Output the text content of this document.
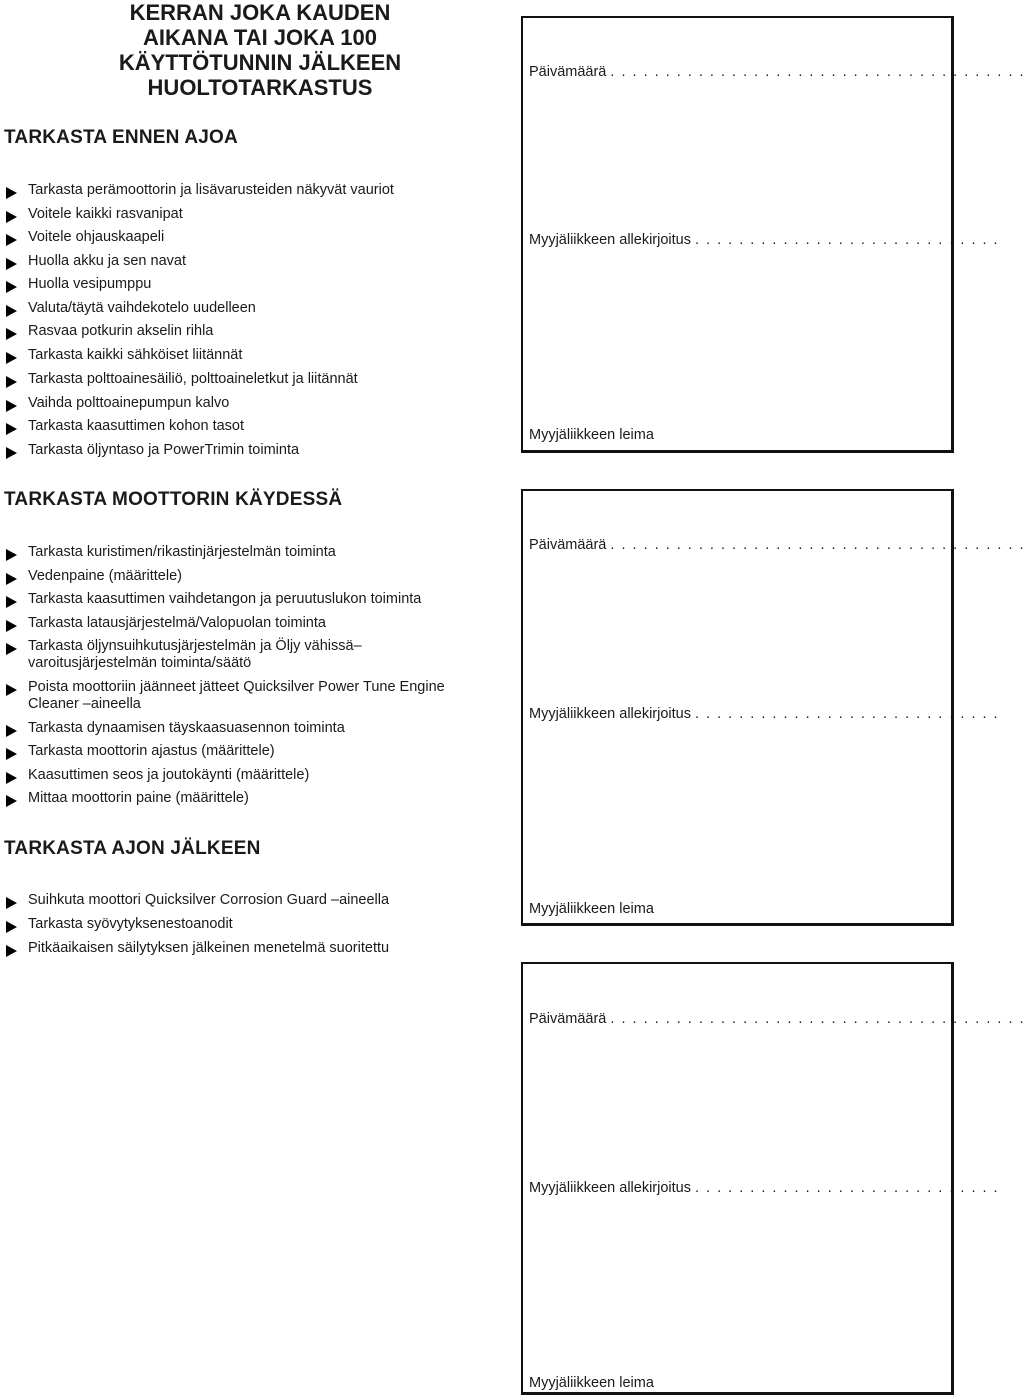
KERRAN JOKA KAUDEN
AIKANA TAI JOKA 100
KÄYTTÖTUNNIN JÄLKEEN
HUOLTOTARKASTUS
TARKASTA ENNEN AJOA
Tarkasta perämoottorin ja lisävarusteiden näkyvät vauriot
Voitele kaikki rasvanipat
Voitele ohjauskaapeli
Huolla akku ja sen navat
Huolla vesipumppu
Valuta/täytä vaihdekotelo uudelleen
Rasvaa potkurin akselin rihla
Tarkasta kaikki sähköiset liitännät
Tarkasta polttoainesäiliö, polttoaineletkut ja liitännät
Vaihda polttoainepumpun kalvo
Tarkasta kaasuttimen kohon tasot
Tarkasta öljyntaso ja PowerTrimin toiminta
TARKASTA MOOTTORIN KÄYDESSÄ
Tarkasta kuristimen/rikastinjärjestelmän toiminta
Vedenpaine (määrittele)
Tarkasta kaasuttimen vaihdetangon ja peruutuslukon toiminta
Tarkasta latausjärjestelmä/Valopuolan toiminta
Tarkasta öljynsuihkutusjärjestelmän ja Öljy vähissä–varoitusjärjestelmän toiminta/säätö
Poista moottoriin jäänneet jätteet Quicksilver Power Tune Engine Cleaner –aineella
Tarkasta dynaamisen täyskaasuasennon toiminta
Tarkasta moottorin ajastus (määrittele)
Kaasuttimen seos ja joutokäynti (määrittele)
Mittaa moottorin paine (määrittele)
TARKASTA AJON JÄLKEEN
Suihkuta moottori Quicksilver Corrosion Guard –aineella
Tarkasta syövytyksenestoanodit
Pitkäaikaisen säilytyksen jälkeinen menetelmä suoritettu
Päivämäärä . . . . . . . . . . . . . . . . . . . . . . . . . . . . . . . . . . . . . .
Myyjäliikkeen allekirjoitus . . . . . . . . . . . . . . . . . . . . . . . . . . . .
Myyjäliikkeen leima
Päivämäärä . . . . . . . . . . . . . . . . . . . . . . . . . . . . . . . . . . . . . .
Myyjäliikkeen allekirjoitus . . . . . . . . . . . . . . . . . . . . . . . . . . . .
Myyjäliikkeen leima
Päivämäärä . . . . . . . . . . . . . . . . . . . . . . . . . . . . . . . . . . . . . .
Myyjäliikkeen allekirjoitus . . . . . . . . . . . . . . . . . . . . . . . . . . . .
Myyjäliikkeen leima
